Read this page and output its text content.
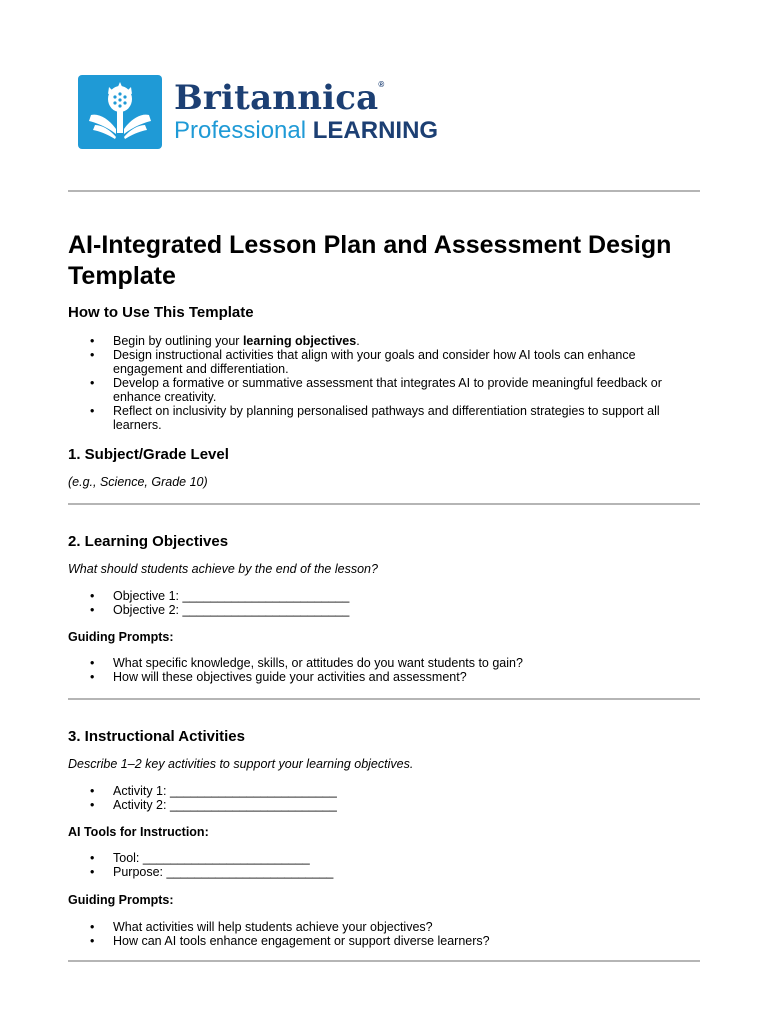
Britannica®
Professional LEARNING
AI-Integrated Lesson Plan and Assessment Design Template
How to Use This Template
• Begin by outlining your learning objectives.
• Design instructional activities that align with your goals and consider how AI tools can enhance engagement and differentiation.
• Develop a formative or summative assessment that integrates AI to provide meaningful feedback or enhance creativity.
• Reflect on inclusivity by planning personalised pathways and differentiation strategies to support all learners.
1. Subject/Grade Level

(e.g., Science, Grade 10)

2. Learning Objectives

What should students achieve by the end of the lesson?

• Objective 1: ________________________
• Objective 2: ________________________

Guiding Prompts:

• What specific knowledge, skills, or attitudes do you want students to gain?
• How will these objectives guide your activities and assessment?
3. Instructional Activities

Describe 1–2 key activities to support your learning objectives.

• Activity 1: ________________________
• Activity 2: ________________________

AI Tools for Instruction:

• Tool: ________________________
• Purpose: ________________________

Guiding Prompts:

• What activities will help students achieve your objectives?
• How can AI tools enhance engagement or support diverse learners?
